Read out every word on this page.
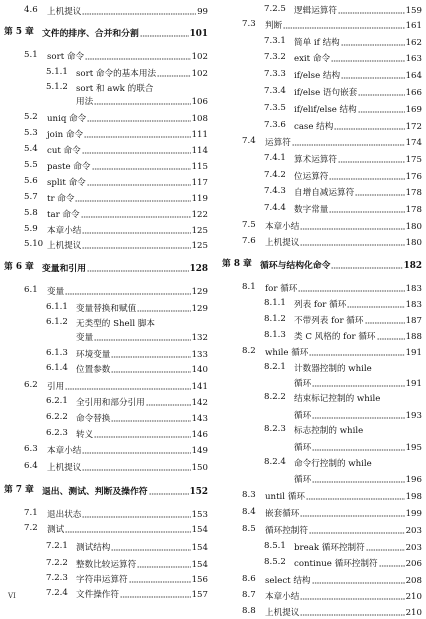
4.6 上机提议	99
第 5 章 文件的排序、合并和分割	101
5.1 sort 命令	102
5.1.1 sort 命令的基本用法	102
5.1.2 sort 和 awk 的联合
用法	106
5.2 uniq 命令	108
5.3 join 命令	111
5.4 cut 命令	114
5.5 paste 命令	115
5.6 split 命令	117
5.7 tr 命令	119
5.8 tar 命令	122
5.9 本章小结	125
5.10 上机提议	125
第 6 章 变量和引用	128
6.1 变量	129
6.1.1 变量替换和赋值	129
6.1.2 无类型的 Shell 脚本
变量	132
6.1.3 环境变量	133
6.1.4 位置参数	140
6.2 引用	141
6.2.1 全引用和部分引用	142
6.2.2 命令替换	143
6.2.3 转义	146
6.3 本章小结	149
6.4 上机提议	150
第 7 章 退出、测试、判断及操作符	152
7.1 退出状态	153
7.2 测试	154
7.2.1 测试结构	154
7.2.2 整数比较运算符	154
7.2.3 字符串运算符	156
7.2.4 文件操作符	157
7.2.5 逻辑运算符	159
7.3 判断	161
7.3.1 简单 if 结构	162
7.3.2 exit 命令	163
7.3.3 if/else 结构	164
7.3.4 if/else 语句嵌套	166
7.3.5 if/elif/else 结构	169
7.3.6 case 结构	172
7.4 运算符	174
7.4.1 算术运算符	175
7.4.2 位运算符	176
7.4.3 自增自减运算符	178
7.4.4 数字常量	178
7.5 本章小结	180
7.6 上机提议	180
第 8 章 循环与结构化命令	182
8.1 for 循环	183
8.1.1 列表 for 循环	183
8.1.2 不带列表 for 循环	187
8.1.3 类 C 风格的 for 循环	188
8.2 while 循环	191
8.2.1 计数器控制的 while
循环	191
8.2.2 结束标记控制的 while
循环	193
8.2.3 标志控制的 while
循环	195
8.2.4 命令行控制的 while
循环	196
8.3 until 循环	198
8.4 嵌套循环	199
8.5 循环控制符	203
8.5.1 break 循环控制符	203
8.5.2 continue 循环控制符	206
8.6 select 结构	208
8.7 本章小结	210
8.8 上机提议	210
VI
